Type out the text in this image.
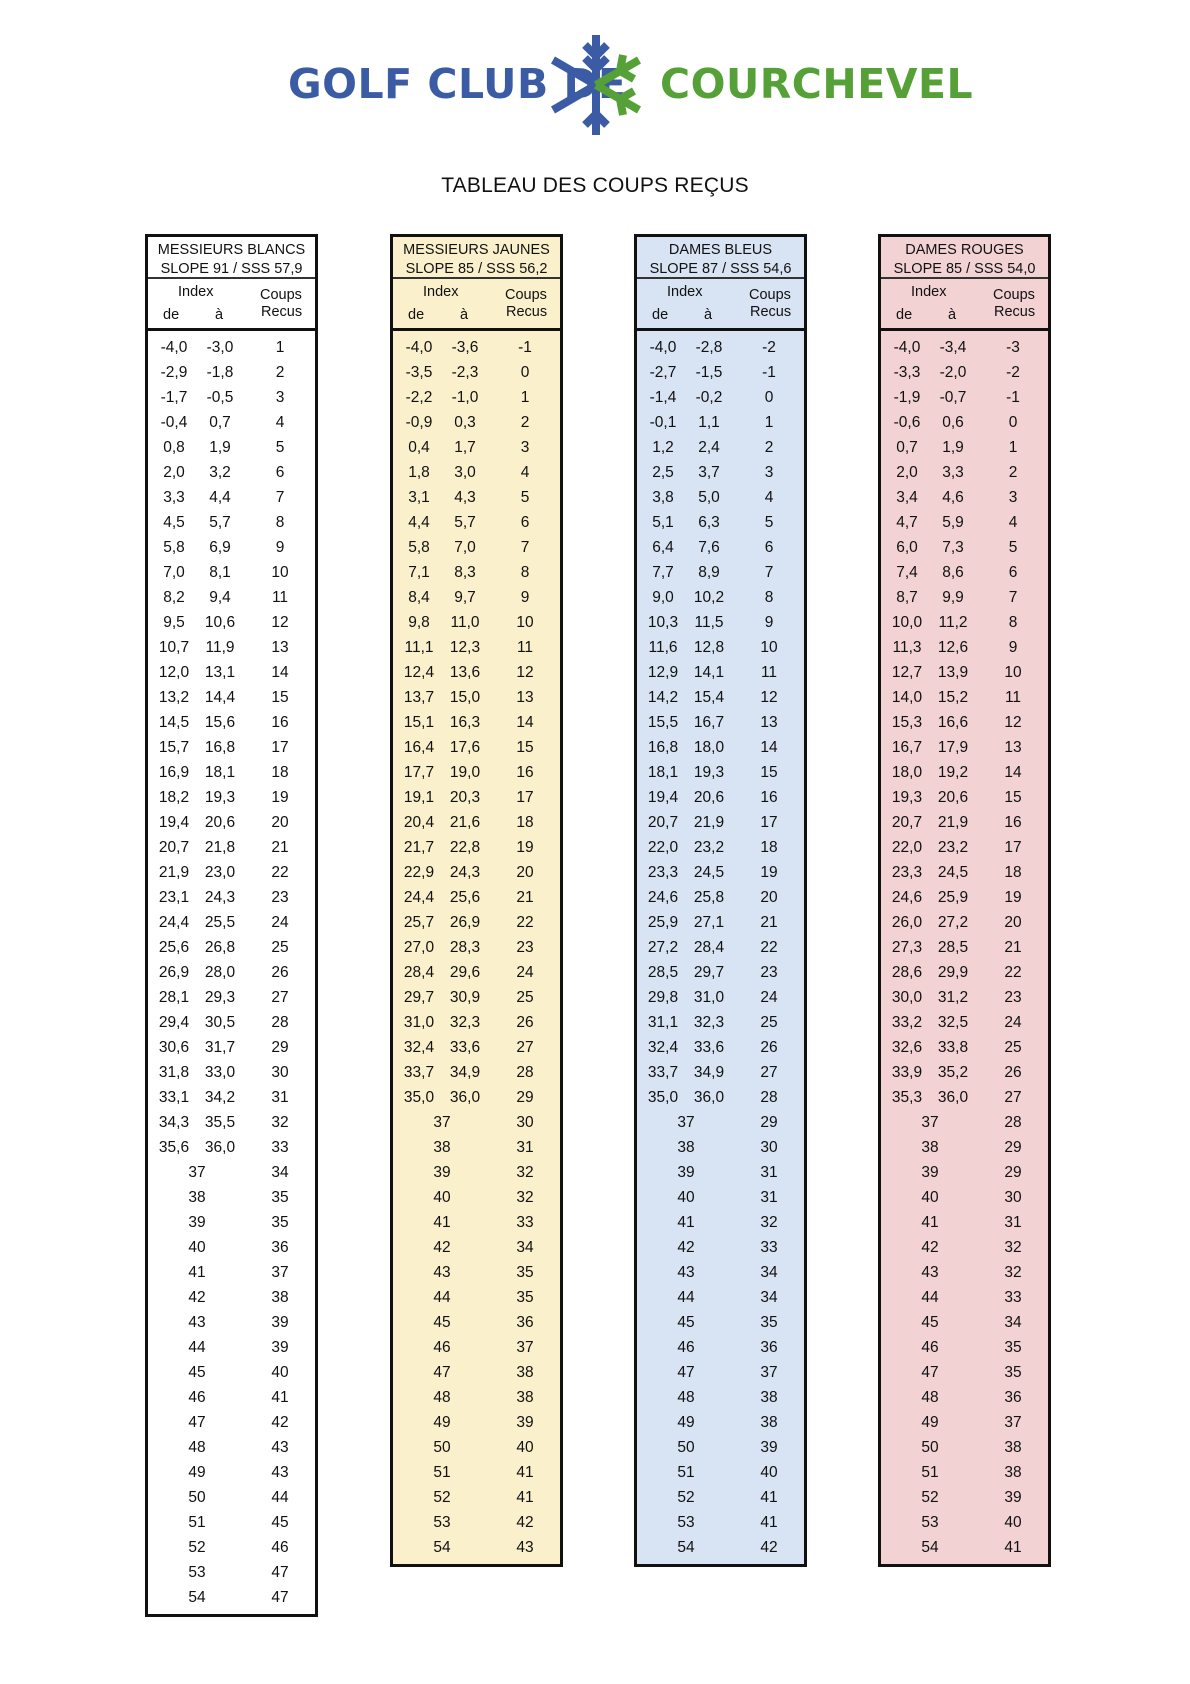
GOLF CLUB DE COURCHEVEL
TABLEAU DES COUPS REÇUS
MESSIEURS BLANCS
SLOPE 91 / SSS 57,9
Index	Coups
de à	Recus
-4,0	-3,0	1
-2,9	-1,8	2
-1,7	-0,5	3
-0,4	0,7	4
0,8	1,9	5
2,0	3,2	6
3,3	4,4	7
4,5	5,7	8
5,8	6,9	9
7,0	8,1	10
8,2	9,4	11
9,5	10,6	12
10,7	11,9	13
12,0	13,1	14
13,2	14,4	15
14,5	15,6	16
15,7	16,8	17
16,9	18,1	18
18,2	19,3	19
19,4	20,6	20
20,7	21,8	21
21,9	23,0	22
23,1	24,3	23
24,4	25,5	24
25,6	26,8	25
26,9	28,0	26
28,1	29,3	27
29,4	30,5	28
30,6	31,7	29
31,8	33,0	30
33,1	34,2	31
34,3	35,5	32
35,6	36,0	33
37	34
38	35
39	35
40	36
41	37
42	38
43	39
44	39
45	40
46	41
47	42
48	43
49	43
50	44
51	45
52	46
53	47
54	47
MESSIEURS JAUNES
SLOPE 85 / SSS 56,2
Index	Coups
de à	Recus
-4,0	-3,6	-1
-3,5	-2,3	0
-2,2	-1,0	1
-0,9	0,3	2
0,4	1,7	3
1,8	3,0	4
3,1	4,3	5
4,4	5,7	6
5,8	7,0	7
7,1	8,3	8
8,4	9,7	9
9,8	11,0	10
11,1	12,3	11
12,4	13,6	12
13,7	15,0	13
15,1	16,3	14
16,4	17,6	15
17,7	19,0	16
19,1	20,3	17
20,4	21,6	18
21,7	22,8	19
22,9	24,3	20
24,4	25,6	21
25,7	26,9	22
27,0	28,3	23
28,4	29,6	24
29,7	30,9	25
31,0	32,3	26
32,4	33,6	27
33,7	34,9	28
35,0	36,0	29
37	30
38	31
39	32
40	32
41	33
42	34
43	35
44	35
45	36
46	37
47	38
48	38
49	39
50	40
51	41
52	41
53	42
54	43
DAMES BLEUS
SLOPE 87 / SSS 54,6
Index	Coups
de à	Recus
-4,0	-2,8	-2
-2,7	-1,5	-1
-1,4	-0,2	0
-0,1	1,1	1
1,2	2,4	2
2,5	3,7	3
3,8	5,0	4
5,1	6,3	5
6,4	7,6	6
7,7	8,9	7
9,0	10,2	8
10,3	11,5	9
11,6	12,8	10
12,9	14,1	11
14,2	15,4	12
15,5	16,7	13
16,8	18,0	14
18,1	19,3	15
19,4	20,6	16
20,7	21,9	17
22,0	23,2	18
23,3	24,5	19
24,6	25,8	20
25,9	27,1	21
27,2	28,4	22
28,5	29,7	23
29,8	31,0	24
31,1	32,3	25
32,4	33,6	26
33,7	34,9	27
35,0	36,0	28
37	29
38	30
39	31
40	31
41	32
42	33
43	34
44	34
45	35
46	36
47	37
48	38
49	38
50	39
51	40
52	41
53	41
54	42
DAMES ROUGES
SLOPE 85 / SSS 54,0
Index	Coups
de à	Recus
-4,0	-3,4	-3
-3,3	-2,0	-2
-1,9	-0,7	-1
-0,6	0,6	0
0,7	1,9	1
2,0	3,3	2
3,4	4,6	3
4,7	5,9	4
6,0	7,3	5
7,4	8,6	6
8,7	9,9	7
10,0	11,2	8
11,3	12,6	9
12,7	13,9	10
14,0	15,2	11
15,3	16,6	12
16,7	17,9	13
18,0	19,2	14
19,3	20,6	15
20,7	21,9	16
22,0	23,2	17
23,3	24,5	18
24,6	25,9	19
26,0	27,2	20
27,3	28,5	21
28,6	29,9	22
30,0	31,2	23
33,2	32,5	24
32,6	33,8	25
33,9	35,2	26
35,3	36,0	27
37	28
38	29
39	29
40	30
41	31
42	32
43	32
44	33
45	34
46	35
47	35
48	36
49	37
50	38
51	38
52	39
53	40
54	41
